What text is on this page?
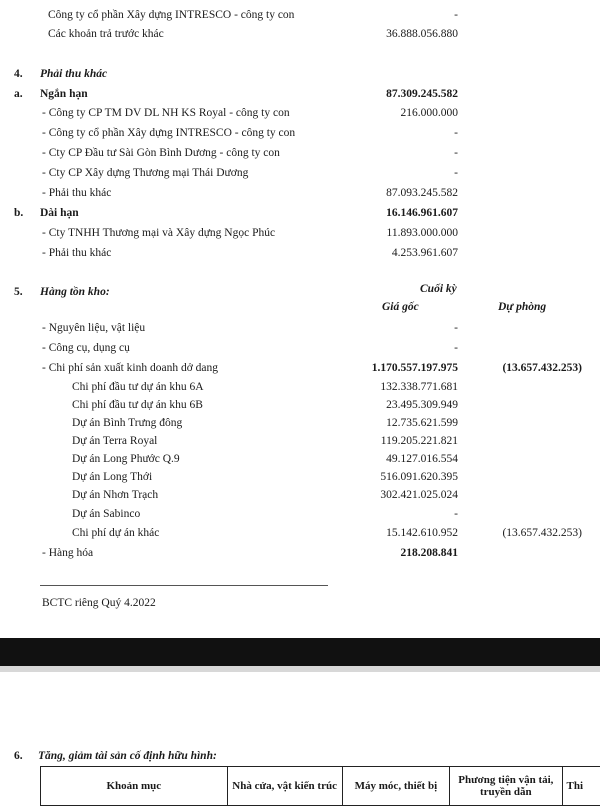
Công ty cổ phần Xây dựng INTRESCO - công ty con	-
Các khoản trả trước khác	36.888.056.880
4. Phải thu khác
a. Ngắn hạn	87.309.245.582
- Công ty CP TM DV DL NH KS Royal - công ty con	216.000.000
- Công ty cổ phần Xây dựng INTRESCO - công ty con	-
- Cty CP Đầu tư Sài Gòn Bình Dương - công ty con	-
- Cty CP Xây dựng Thương mại Thái Dương	-
- Phải thu khác	87.093.245.582
b. Dài hạn	16.146.961.607
- Cty TNHH Thương mại và Xây dựng Ngọc Phúc	11.893.000.000
- Phải thu khác	4.253.961.607
5. Hàng tồn kho:	Cuối kỳ
Giá gốc	Dự phòng
- Nguyên liệu, vật liệu	-
- Công cụ, dụng cụ	-
- Chi phí sản xuất kinh doanh dở dang	1.170.557.197.975	(13.657.432.253)
Chi phí đầu tư dự án khu 6A	132.338.771.681
Chi phí đầu tư dự án khu 6B	23.495.309.949
Dự án Bình Trưng đông	12.735.621.599
Dự án Terra Royal	119.205.221.821
Dự án Long Phước Q.9	49.127.016.554
Dự án Long Thới	516.091.620.395
Dự án Nhơn Trạch	302.421.025.024
Dự án Sabinco	-
Chi phí dự án khác	15.142.610.952	(13.657.432.253)
- Hàng hóa	218.208.841
BCTC riêng Quý 4.2022
6. Tăng, giảm tài sản cố định hữu hình:
Khoản mục	Nhà cửa, vật kiến trúc	Máy móc, thiết bị	Phương tiện vận tải, truyền dẫn	Thi
